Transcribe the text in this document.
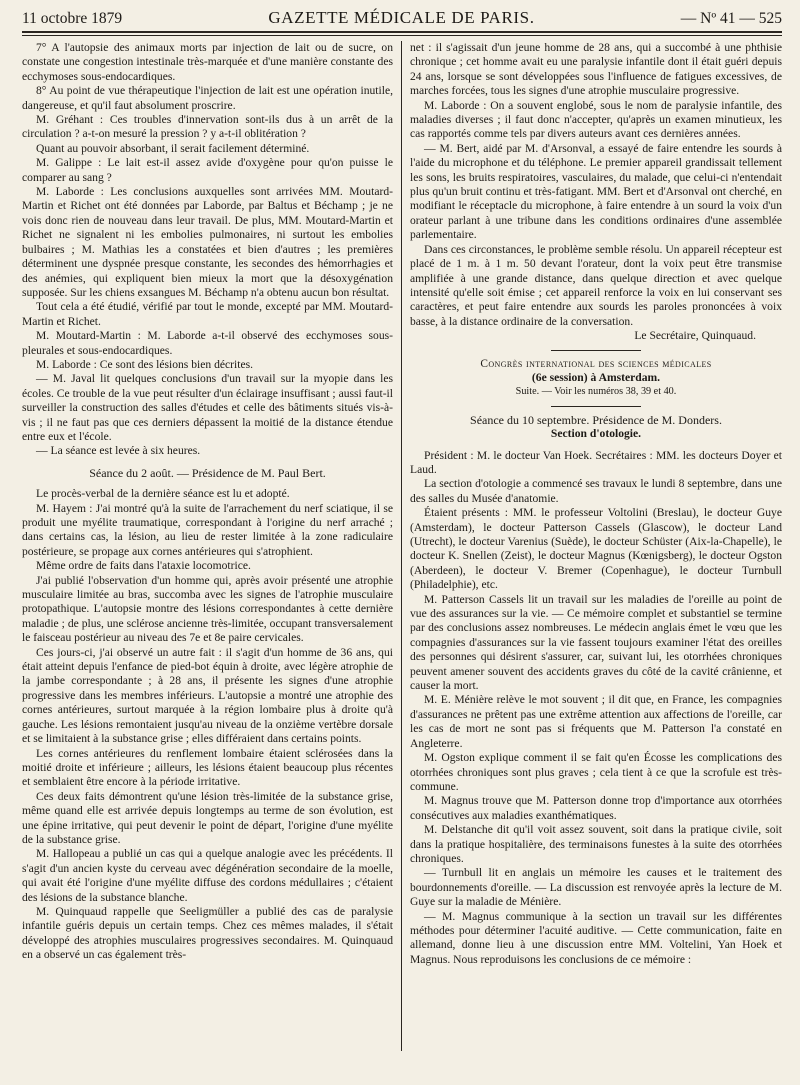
11 octobre 1879	GAZETTE MÉDICALE DE PARIS.	— Nº 41 — 525

7° A l'autopsie des animaux morts par injection de lait ou de sucre, on constate une congestion intestinale très-marquée et d'une manière constante des ecchymoses sous-endocardiques.

8° Au point de vue thérapeutique l'injection de lait est une opération inutile, dangereuse, et qu'il faut absolument proscrire.

M. Gréhant : Ces troubles d'innervation sont-ils dus à un arrêt de la circulation ? a-t-on mesuré la pression ? y a-t-il oblitération ?

Quant au pouvoir absorbant, il serait facilement déterminé.

M. Galippe : Le lait est-il assez avide d'oxygène pour qu'on puisse le comparer au sang ?

M. Laborde : Les conclusions auxquelles sont arrivées MM. Moutard-Martin et Richet ont été données par Laborde, par Baltus et Béchamp ; je ne vois donc rien de nouveau dans leur travail. De plus, MM. Moutard-Martin et Richet ne signalent ni les embolies pulmonaires, ni surtout les embolies bulbaires ; M. Mathias les a constatées et bien d'autres ; les premières déterminent une dyspnée presque constante, les secondes des hémorrhagies et des anémies, qui expliquent bien mieux la mort que la désoxygénation supposée. Sur les chiens exsangues M. Béchamp n'a obtenu aucun bon résultat.

Tout cela a été étudié, vérifié par tout le monde, excepté par MM. Moutard-Martin et Richet.

M. Moutard-Martin : M. Laborde a-t-il observé des ecchymoses sous-pleurales et sous-endocardiques.

M. Laborde : Ce sont des lésions bien décrites.

— M. Javal lit quelques conclusions d'un travail sur la myopie dans les écoles. Ce trouble de la vue peut résulter d'un éclairage insuffisant ; aussi faut-il surveiller la construction des salles d'études et celle des bâtiments situés vis-à-vis ; il ne faut pas que ces derniers dépassent la moitié de la distance étendue entre eux et l'école.

— La séance est levée à six heures.

Séance du 2 août. — Présidence de M. Paul Bert.

Le procès-verbal de la dernière séance est lu et adopté.

M. Hayem : J'ai montré qu'à la suite de l'arrachement du nerf sciatique, il se produit une myélite traumatique, correspondant à l'origine du nerf arraché ; dans certains cas, la lésion, au lieu de rester limitée à la zone radiculaire postérieure, se propage aux cornes antérieures qui s'atrophient.

Même ordre de faits dans l'ataxie locomotrice.

J'ai publié l'observation d'un homme qui, après avoir présenté une atrophie musculaire limitée au bras, succomba avec les signes de l'atrophie musculaire protopathique. L'autopsie montre des lésions correspondantes à cette dernière maladie ; de plus, une sclérose ancienne très-limitée, occupant transversalement le faisceau postérieur au niveau des 7e et 8e paire cervicales.

Ces jours-ci, j'ai observé un autre fait : il s'agit d'un homme de 36 ans, qui était atteint depuis l'enfance de pied-bot équin à droite, avec légère atrophie de la jambe correspondante ; à 28 ans, il présente les signes d'une atrophie progressive dans les membres inférieurs. L'autopsie a montré une atrophie des cornes antérieures, surtout marquée à la région lombaire plus à droite qu'à gauche. Les lésions remontaient jusqu'au niveau de la onzième vertèbre dorsale et se limitaient à la substance grise ; elles différaient dans certains points.

Les cornes antérieures du renflement lombaire étaient sclérosées dans la moitié droite et inférieure ; ailleurs, les lésions étaient beaucoup plus récentes et semblaient être encore à la période irritative.

Ces deux faits démontrent qu'une lésion très-limitée de la substance grise, même quand elle est arrivée depuis longtemps au terme de son évolution, est une épine irritative, qui peut devenir le point de départ, l'origine d'une myélite de la substance grise.

M. Hallopeau a publié un cas qui a quelque analogie avec les précédents. Il s'agit d'un ancien kyste du cerveau avec dégénération secondaire de la moelle, qui avait été l'origine d'une myélite diffuse des cordons médullaires ; c'étaient des lésions de la substance blanche.

M. Quinquaud rappelle que Seeligmüller a publié des cas de paralysie infantile guéris depuis un certain temps. Chez ces mêmes malades, il s'était développé des atrophies musculaires progressives secondaires. M. Quinquaud en a observé un cas également très-

net : il s'agissait d'un jeune homme de 28 ans, qui a succombé à une phthisie chronique ; cet homme avait eu une paralysie infantile dont il était guéri depuis 24 ans, lorsque se sont développées sous l'influence de fatigues excessives, de marches forcées, tous les signes d'une atrophie musculaire progressive.

M. Laborde : On a souvent englobé, sous le nom de paralysie infantile, des maladies diverses ; il faut donc n'accepter, qu'après un examen minutieux, les cas rapportés comme tels par divers auteurs avant ces dernières années.

— M. Bert, aidé par M. d'Arsonval, a essayé de faire entendre les sourds à l'aide du microphone et du téléphone. Le premier appareil grandissait tellement les sons, les bruits respiratoires, vasculaires, du malade, que celui-ci n'entendait plus qu'un bruit continu et très-fatigant. MM. Bert et d'Arsonval ont cherché, en modifiant le réceptacle du microphone, à faire entendre à un sourd la voix d'un orateur parlant à une tribune dans les conditions ordinaires d'une assemblée parlementaire.

Dans ces circonstances, le problème semble résolu. Un appareil récepteur est placé de 1 m. à 1 m. 50 devant l'orateur, dont la voix peut être transmise amplifiée à une grande distance, dans quelque direction et avec quelque intensité qu'elle soit émise ; cet appareil renforce la voix en lui conservant ses caractères, et peut faire entendre aux sourds les paroles prononcées à voix basse, à la distance ordinaire de la conversation.

Le Secrétaire, Quinquaud.

Congrès international des sciences médicales

(6e session) à Amsterdam.

Suite. — Voir les numéros 38, 39 et 40.

Séance du 10 septembre. Présidence de M. Donders.

Section d'otologie.

Président : M. le docteur Van Hoek. Secrétaires : MM. les docteurs Doyer et Laud.

La section d'otologie a commencé ses travaux le lundi 8 septembre, dans une des salles du Musée d'anatomie.

Étaient présents : MM. le professeur Voltolini (Breslau), le docteur Guye (Amsterdam), le docteur Patterson Cassels (Glascow), le docteur Land (Utrecht), le docteur Varenius (Suède), le docteur Schüster (Aix-la-Chapelle), le docteur K. Snellen (Zeist), le docteur Magnus (Kœnigsberg), le docteur Ogston (Aberdeen), le docteur V. Bremer (Copenhague), le docteur Turnbull (Philadelphie), etc.

M. Patterson Cassels lit un travail sur les maladies de l'oreille au point de vue des assurances sur la vie. — Ce mémoire complet et substantiel se termine par des conclusions assez nombreuses. Le médecin anglais émet le vœu que les compagnies d'assurances sur la vie fassent toujours examiner l'état des oreilles des personnes qui désirent s'assurer, car, suivant lui, les otorrhées chroniques peuvent amener souvent des accidents graves du côté de la cavité crânienne, et causer la mort.

M. E. Ménière relève le mot souvent ; il dit que, en France, les compagnies d'assurances ne prêtent pas une extrême attention aux affections de l'oreille, car les cas de mort ne sont pas si fréquents que M. Patterson l'a constaté en Angleterre.

M. Ogston explique comment il se fait qu'en Écosse les complications des otorrhées chroniques sont plus graves ; cela tient à ce que la scrofule est très-commune.

M. Magnus trouve que M. Patterson donne trop d'importance aux otorrhées consécutives aux maladies exanthématiques.

M. Delstanche dit qu'il voit assez souvent, soit dans la pratique civile, soit dans la pratique hospitalière, des terminaisons funestes à la suite des otorrhées chroniques.

— Turnbull lit en anglais un mémoire les causes et le traitement des bourdonnements d'oreille. — La discussion est renvoyée après la lecture de M. Guye sur la maladie de Ménière.

— M. Magnus communique à la section un travail sur les différentes méthodes pour déterminer l'acuité auditive. — Cette communication, faite en allemand, donne lieu à une discussion entre MM. Voltelini, Yan Hoek et Magnus. Nous reproduisons les conclusions de ce mémoire :
